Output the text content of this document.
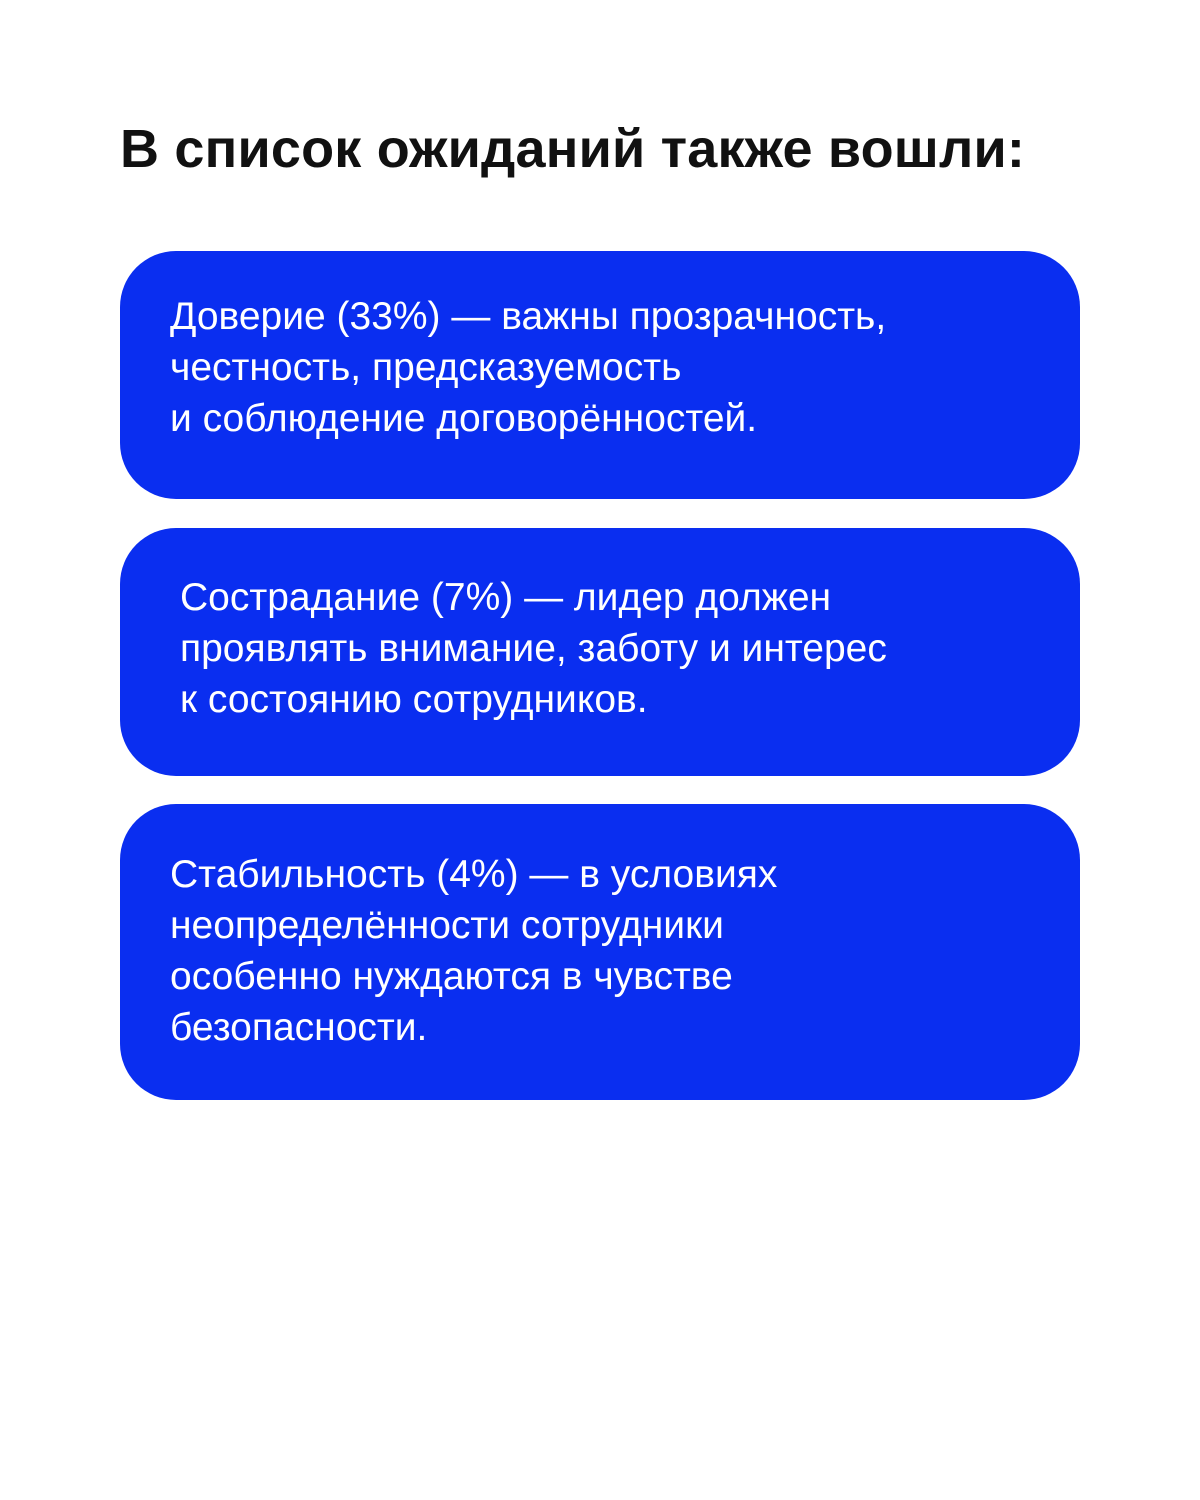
В список ожиданий также вошли:
Доверие (33%) — важны прозрачность,
честность, предсказуемость
и соблюдение договорённостей.
Сострадание (7%) — лидер должен
проявлять внимание, заботу и интерес
к состоянию сотрудников.
Стабильность (4%) — в условиях
неопределённости сотрудники
особенно нуждаются в чувстве
безопасности.
